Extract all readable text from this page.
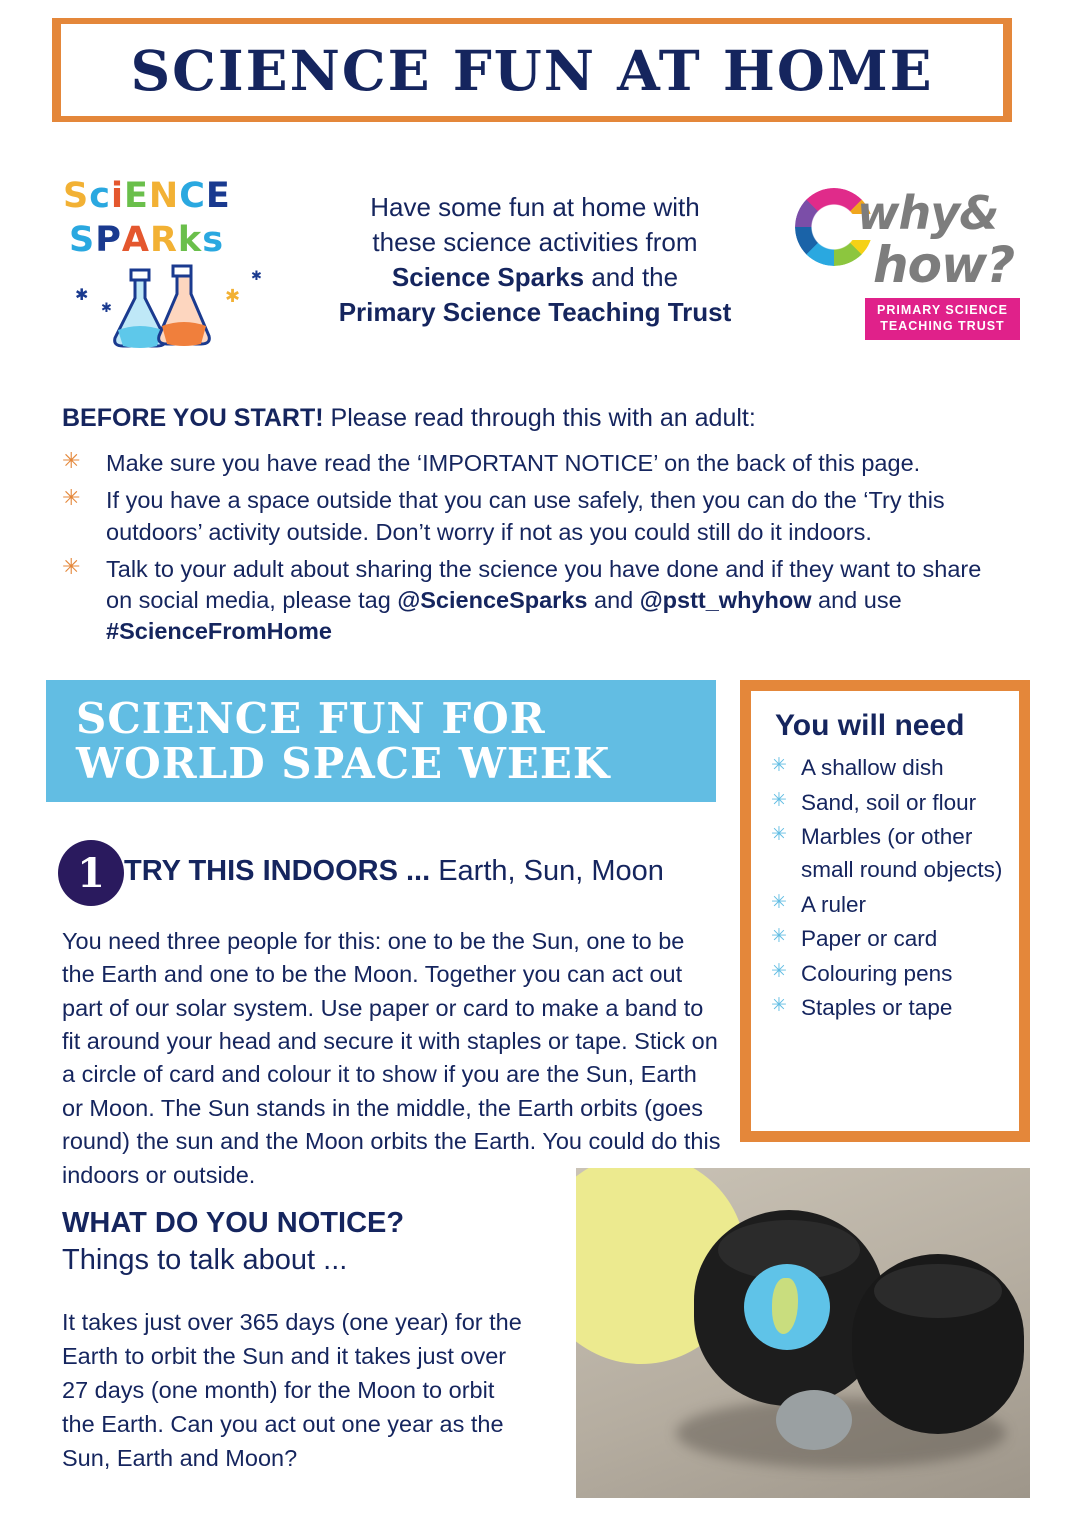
SCIENCE FUN AT HOME
SciENCE
SPARks
✱
✱
✱
✱
Have some fun at home with
these science activities from
Science Sparks and the
Primary Science Teaching Trust
why&
how?
PRIMARY SCIENCE
TEACHING TRUST
BEFORE YOU START! Please read through this with an adult:
✳	Make sure you have read the ‘IMPORTANT NOTICE’ on the back of this page.
✳	If you have a space outside that you can use safely, then you can do the ‘Try this outdoors’ activity outside. Don’t worry if not as you could still do it indoors.
✳	Talk to your adult about sharing the science you have done and if they want to share on social media, please tag @ScienceSparks and @pstt_whyhow and use #ScienceFromHome
SCIENCE FUN FOR
WORLD SPACE WEEK
You will need
✳ A shallow dish
✳ Sand, soil or flour
✳ Marbles (or other small round objects)
✳ A ruler
✳ Paper or card
✳ Colouring pens
✳ Staples or tape
1 TRY THIS INDOORS ... Earth, Sun, Moon
You need three people for this: one to be the Sun, one to be the Earth and one to be the Moon. Together you can act out part of our solar system. Use paper or card to make a band to fit around your head and secure it with staples or tape. Stick on a circle of card and colour it to show if you are the Sun, Earth or Moon. The Sun stands in the middle, the Earth orbits (goes round) the sun and the Moon orbits the Earth. You could do this indoors or outside.
WHAT DO YOU NOTICE?
Things to talk about ...
It takes just over 365 days (one year) for the Earth to orbit the Sun and it takes just over 27 days (one month) for the Moon to orbit the Earth. Can you act out one year as the Sun, Earth and Moon?
